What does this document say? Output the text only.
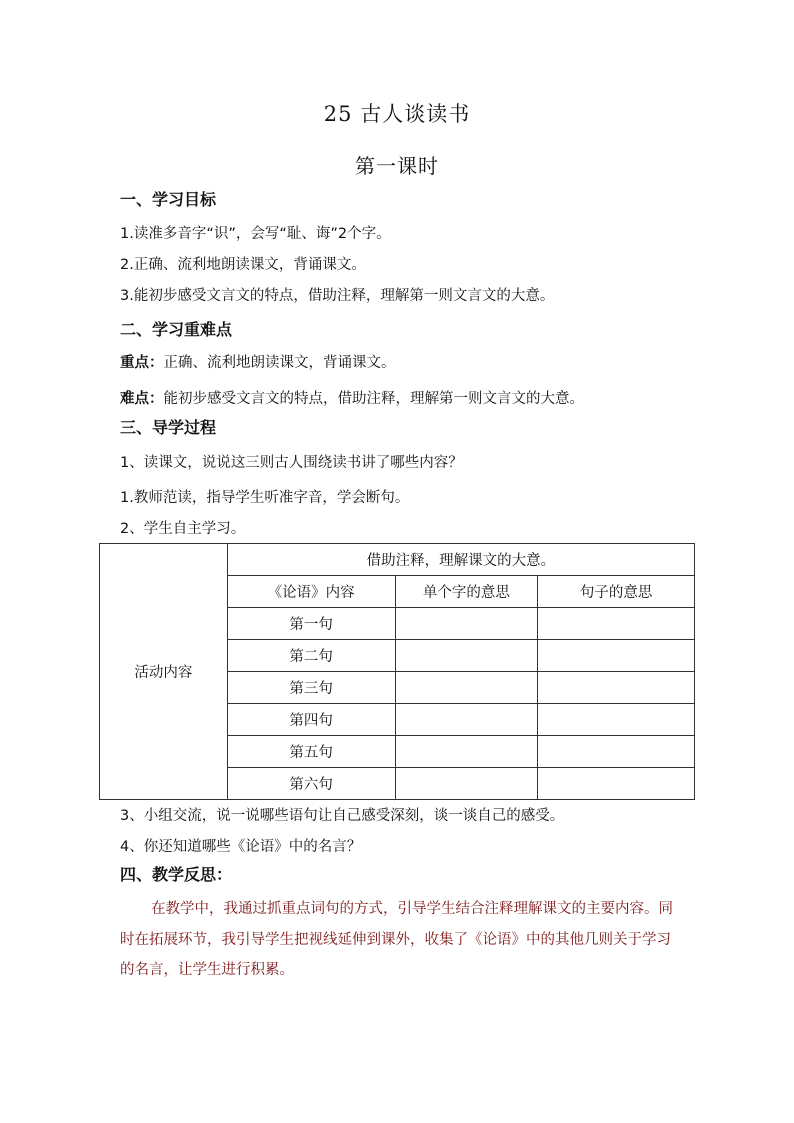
25 古人谈读书
第一课时
一、学习目标
1.读准多音字“识”，会写“耻、诲”2个字。
2.正确、流利地朗读课文，背诵课文。
3.能初步感受文言文的特点，借助注释，理解第一则文言文的大意。
二、学习重难点
重点：正确、流利地朗读课文，背诵课文。
难点：能初步感受文言文的特点，借助注释，理解第一则文言文的大意。
三、导学过程
1、读课文，说说这三则古人围绕读书讲了哪些内容？
1.教师范读，指导学生听准字音，学会断句。
2、学生自主学习。
活动内容	借助注释，理解课文的大意。		
	《论语》内容	单个字的意思	句子的意思
	第一句		
	第二句		
	第三句		
	第四句		
	第五句		
	第六句		
3、小组交流，说一说哪些语句让自己感受深刻，谈一谈自己的感受。
4、你还知道哪些《论语》中的名言？
四、教学反思：
在教学中，我通过抓重点词句的方式，引导学生结合注释理解课文的主要内容。同时在拓展环节，我引导学生把视线延伸到课外，收集了《论语》中的其他几则关于学习的名言，让学生进行积累。
